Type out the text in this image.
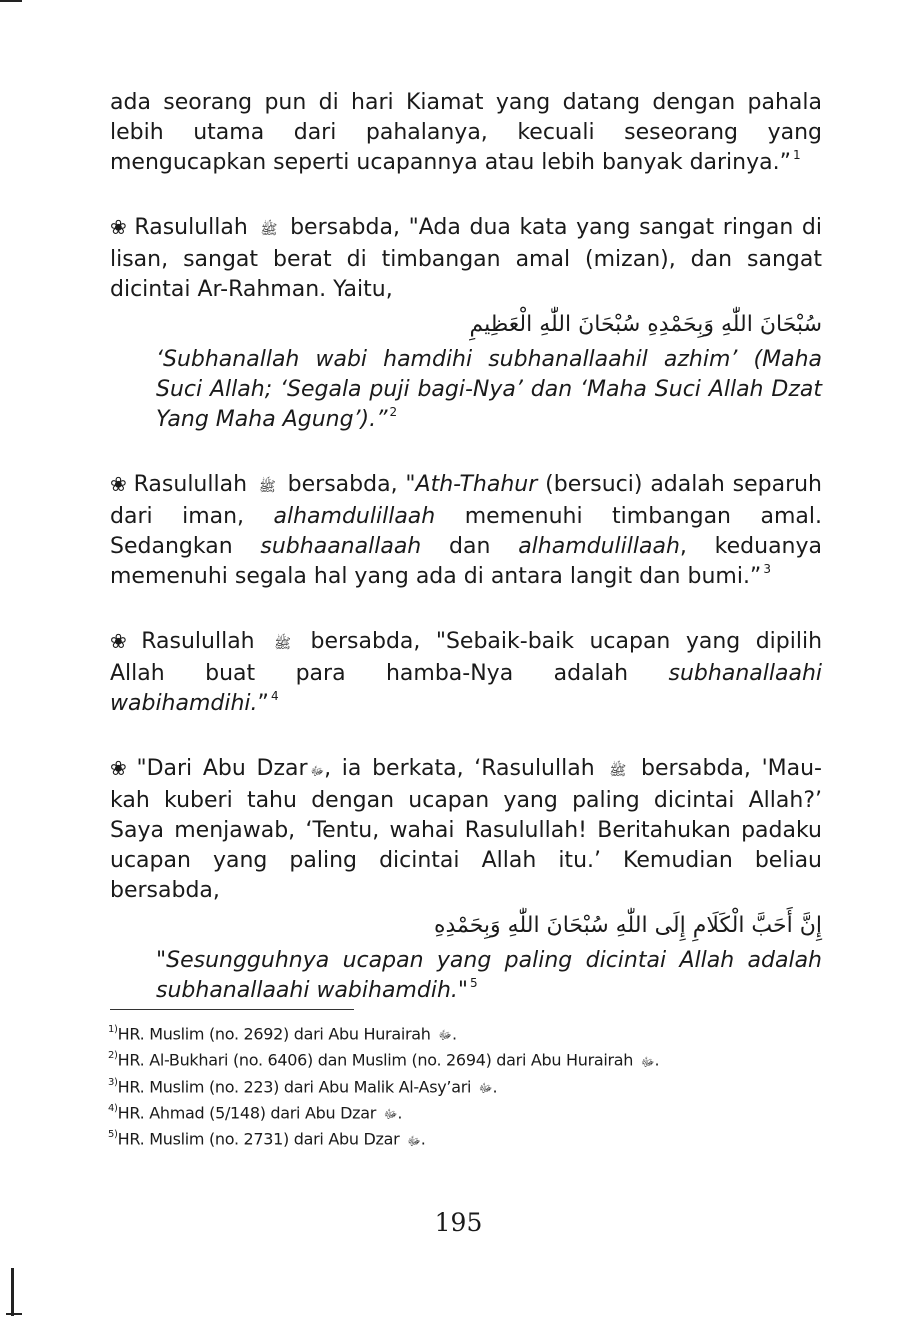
ada seorang pun di hari Kiamat yang datang dengan pahala lebih utama dari pahalanya, kecuali seseorang yang mengucapkan seperti ucapannya atau lebih banyak darinya.” $^1$

❀ Rasulullah ﷺ bersabda, "Ada dua kata yang sangat ringan di lisan, sangat berat di timbangan amal (mizan), dan sangat dicintai Ar-Rahman. Yaitu,

سُبْحَانَ اللّٰهِ وَبِحَمْدِهِ سُبْحَانَ اللّٰهِ الْعَظِيمِ

‘Subhanallah wabi hamdihi subhanallaahil azhim’ (Maha Suci Allah; ‘Segala puji bagi-Nya’ dan ‘Maha Suci Allah Dzat Yang Maha Agung’).” $^2$

❀ Rasulullah ﷺ bersabda, "Ath-Thahur (bersuci) adalah separuh dari iman, alhamdulillaah memenuhi timbangan amal. Sedangkan subhaanallaah dan alhamdulillaah, keduanya memenuhi segala hal yang ada di antara langit dan bumi.” $^3$

❀ Rasulullah ﷺ bersabda, "Sebaik-baik ucapan yang dipilih Allah buat para hamba-Nya adalah subhanallaahi wabihamdihi.” $^4$

❀ "Dari Abu Dzar ﷻ, ia berkata, ‘Rasulullah ﷺ bersabda, 'Mau-kah kuberi tahu dengan ucapan yang paling dicintai Allah?’ Saya menjawab, ‘Tentu, wahai Rasulullah! Beritahukan padaku ucapan yang paling dicintai Allah itu.’ Kemudian beliau bersabda,

إِنَّ أَحَبَّ الْكَلَامِ إِلَى اللّٰهِ سُبْحَانَ اللّٰهِ وَبِحَمْدِهِ

"Sesungguhnya ucapan yang paling dicintai Allah adalah subhanallaahi wabihamdih." $^5$

$^{1)}$HR. Muslim (no. 2692) dari Abu Hurairah ﷻ.

$^{2)}$HR. Al-Bukhari (no. 6406) dan Muslim (no. 2694) dari Abu Hurairah ﷻ.

$^{3)}$HR. Muslim (no. 223) dari Abu Malik Al-Asy’ari ﷻ.

$^{4)}$HR. Ahmad (5/148) dari Abu Dzar ﷻ.

$^{5)}$HR. Muslim (no. 2731) dari Abu Dzar ﷻ.

195
